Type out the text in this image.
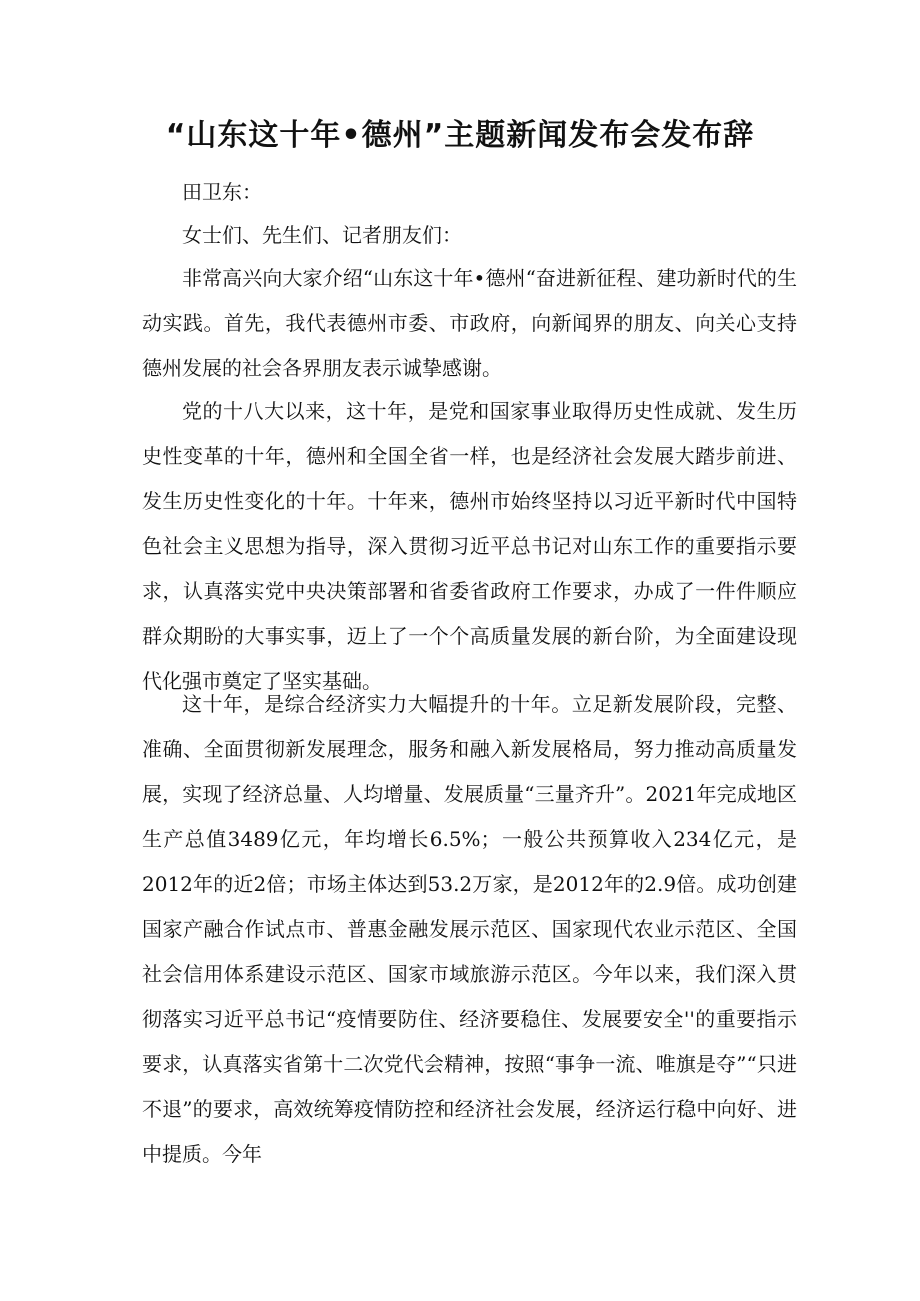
“山东这十年•德州”主题新闻发布会发布辞

田卫东：

女士们、先生们、记者朋友们：

非常高兴向大家介绍“山东这十年•德州“奋进新征程、建功新时代的生动实践。首先，我代表德州市委、市政府，向新闻界的朋友、向关心支持德州发展的社会各界朋友表示诚挚感谢。

党的十八大以来，这十年，是党和国家事业取得历史性成就、发生历史性变革的十年，德州和全国全省一样，也是经济社会发展大踏步前进、发生历史性变化的十年。十年来，德州市始终坚持以习近平新时代中国特色社会主义思想为指导，深入贯彻习近平总书记对山东工作的重要指示要求，认真落实党中央决策部署和省委省政府工作要求，办成了一件件顺应群众期盼的大事实事，迈上了一个个高质量发展的新台阶，为全面建设现代化强市奠定了坚实基础。

这十年，是综合经济实力大幅提升的十年。立足新发展阶段，完整、准确、全面贯彻新发展理念，服务和融入新发展格局，努力推动高质量发展，实现了经济总量、人均增量、发展质量“三量齐升”。2021年完成地区生产总值3489亿元，年均增长6.5%；一般公共预算收入234亿元，是2012年的近2倍；市场主体达到53.2万家，是2012年的2.9倍。成功创建国家产融合作试点市、普惠金融发展示范区、国家现代农业示范区、全国社会信用体系建设示范区、国家市域旅游示范区。今年以来，我们深入贯彻落实习近平总书记“疫情要防住、经济要稳住、发展要安全''的重要指示要求，认真落实省第十二次党代会精神，按照“事争一流、唯旗是夺”“只进不退”的要求，高效统筹疫情防控和经济社会发展，经济运行稳中向好、进中提质。今年
